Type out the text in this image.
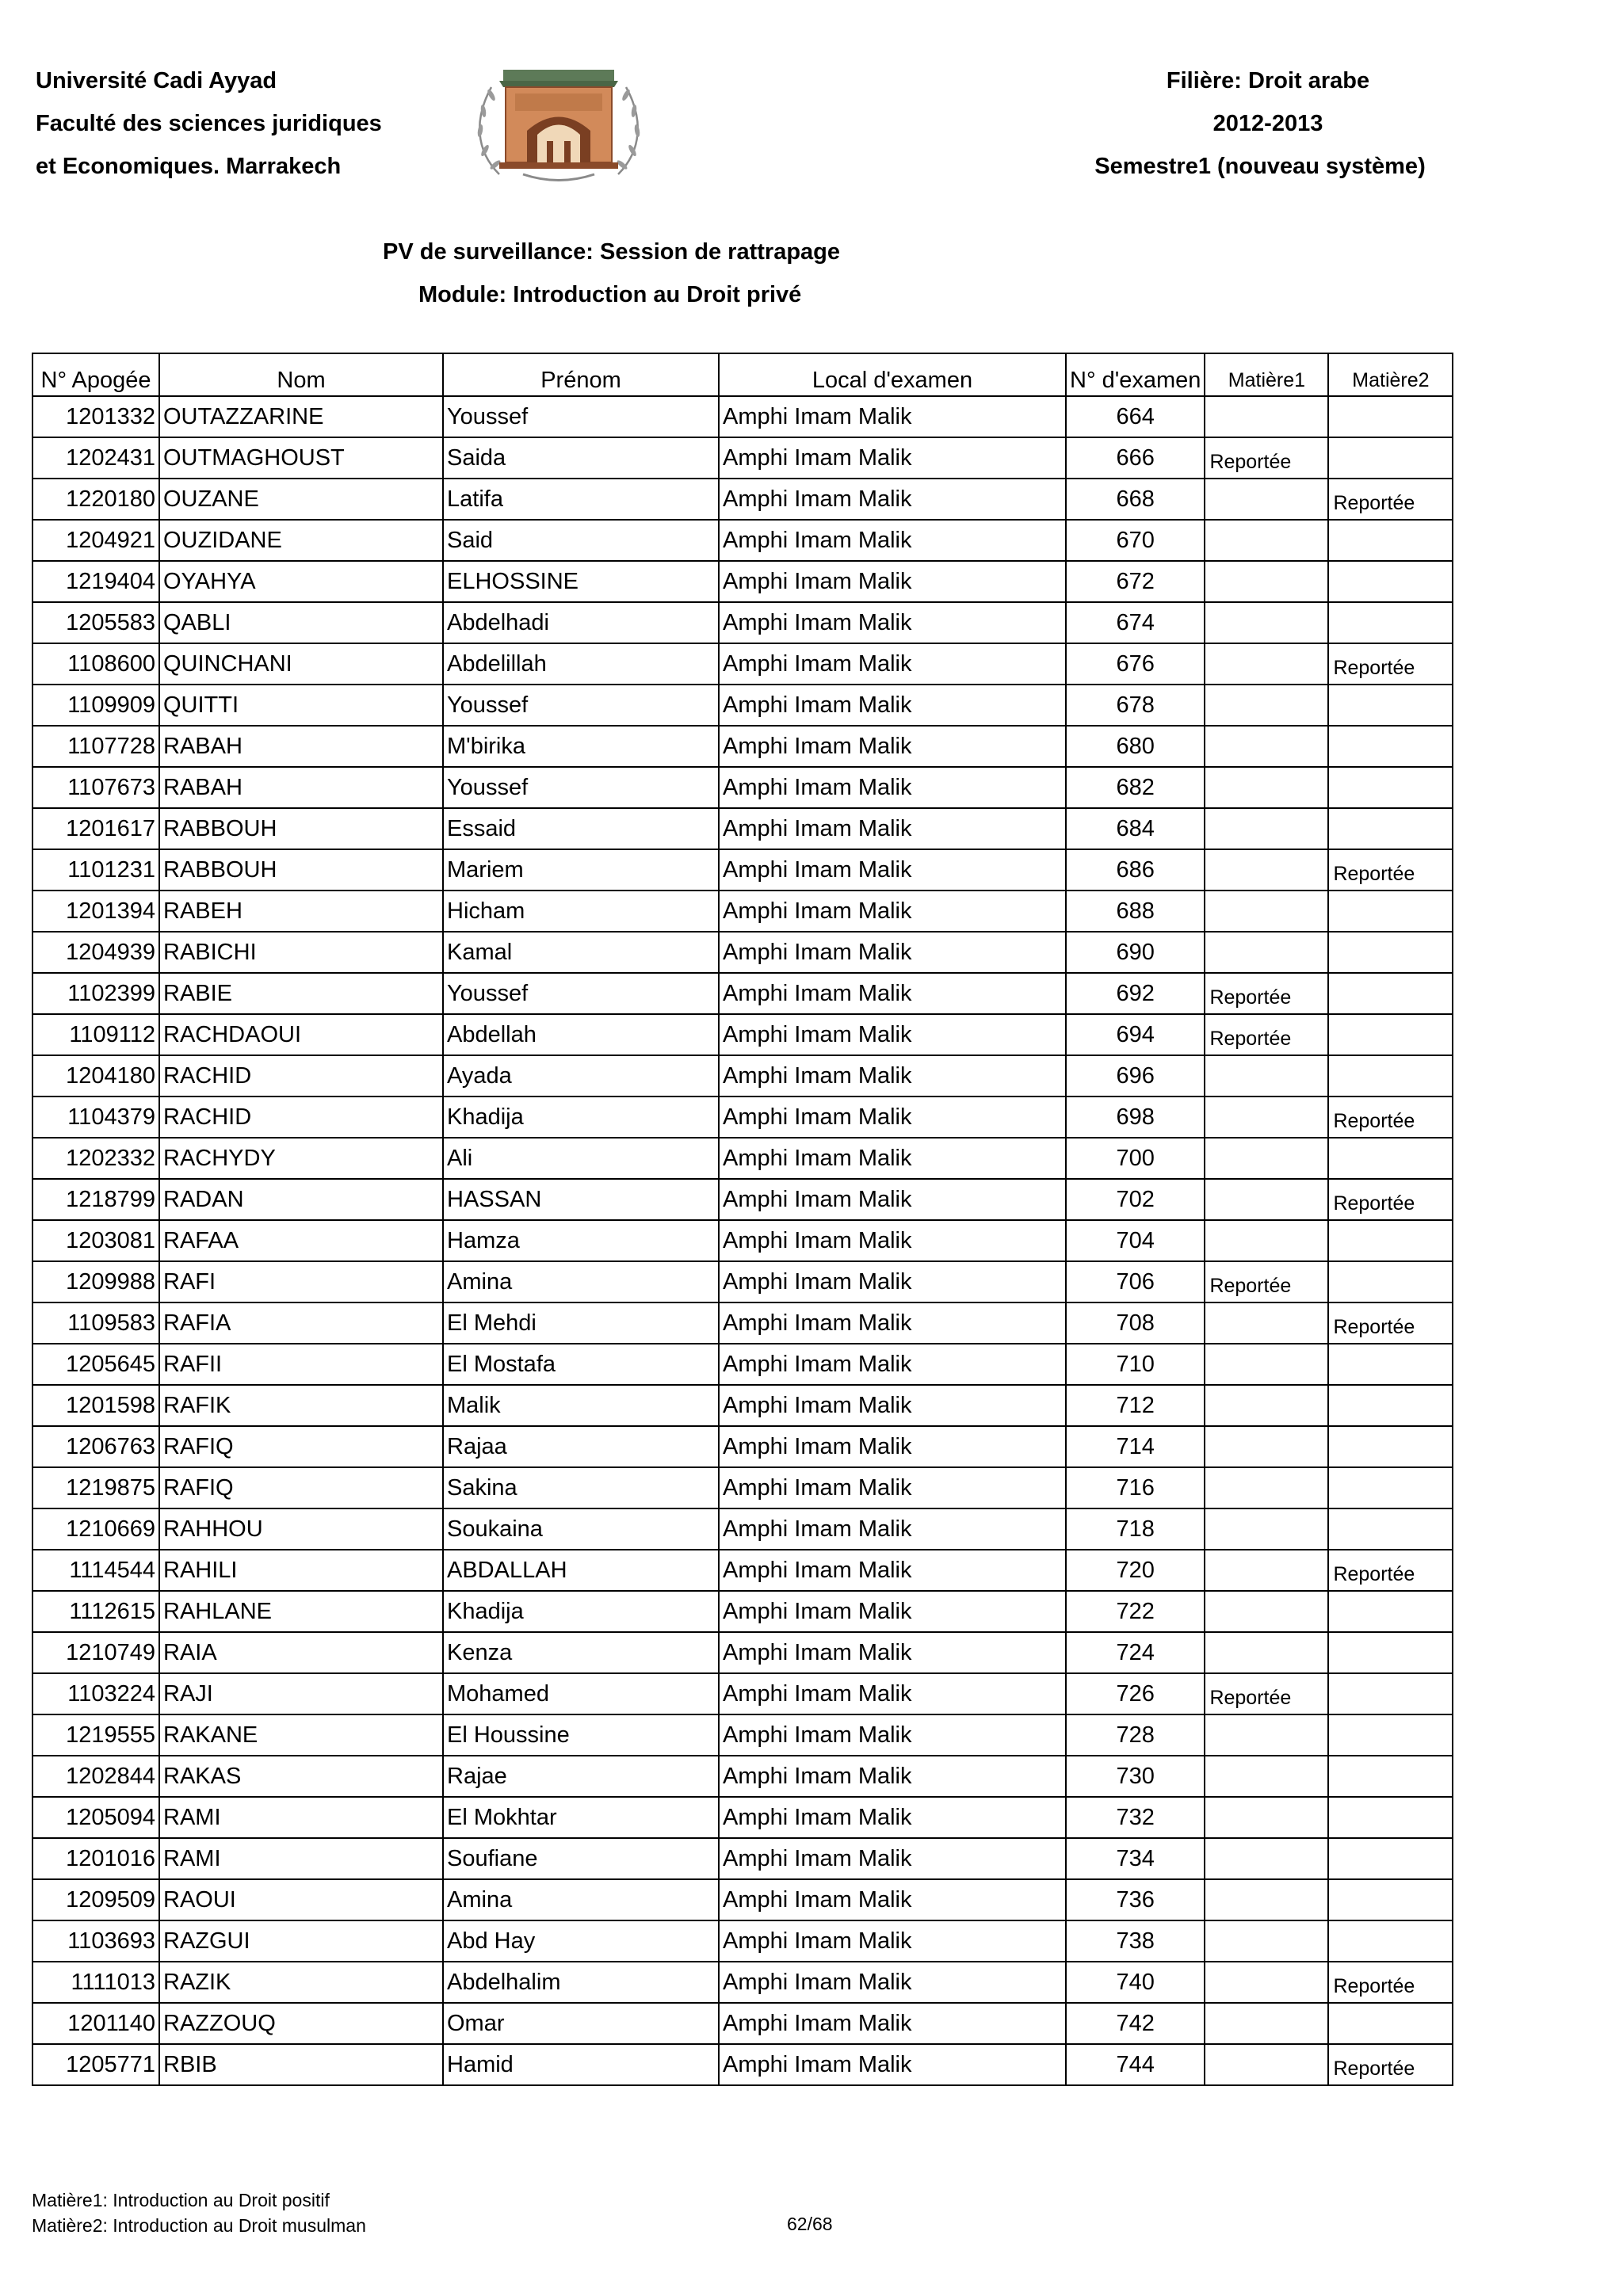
Université Cadi Ayyad
Faculté des sciences juridiques
et Economiques. Marrakech
Filière: Droit arabe
2012-2013
Semestre1 (nouveau système)
PV de surveillance: Session de rattrapage
Module: Introduction au Droit privé
N° Apogée	Nom	Prénom	Local d'examen	N° d'examen	Matière1	Matière2
1201332	OUTAZZARINE	Youssef	Amphi Imam Malik	664		
1202431	OUTMAGHOUST	Saida	Amphi Imam Malik	666	Reportée	
1220180	OUZANE	Latifa	Amphi Imam Malik	668		Reportée
1204921	OUZIDANE	Said	Amphi Imam Malik	670		
1219404	OYAHYA	ELHOSSINE	Amphi Imam Malik	672		
1205583	QABLI	Abdelhadi	Amphi Imam Malik	674		
1108600	QUINCHANI	Abdelillah	Amphi Imam Malik	676		Reportée
1109909	QUITTI	Youssef	Amphi Imam Malik	678		
1107728	RABAH	M'birika	Amphi Imam Malik	680		
1107673	RABAH	Youssef	Amphi Imam Malik	682		
1201617	RABBOUH	Essaid	Amphi Imam Malik	684		
1101231	RABBOUH	Mariem	Amphi Imam Malik	686		Reportée
1201394	RABEH	Hicham	Amphi Imam Malik	688		
1204939	RABICHI	Kamal	Amphi Imam Malik	690		
1102399	RABIE	Youssef	Amphi Imam Malik	692	Reportée	
1109112	RACHDAOUI	Abdellah	Amphi Imam Malik	694	Reportée	
1204180	RACHID	Ayada	Amphi Imam Malik	696		
1104379	RACHID	Khadija	Amphi Imam Malik	698		Reportée
1202332	RACHYDY	Ali	Amphi Imam Malik	700		
1218799	RADAN	HASSAN	Amphi Imam Malik	702		Reportée
1203081	RAFAA	Hamza	Amphi Imam Malik	704		
1209988	RAFI	Amina	Amphi Imam Malik	706	Reportée	
1109583	RAFIA	El Mehdi	Amphi Imam Malik	708		Reportée
1205645	RAFII	El Mostafa	Amphi Imam Malik	710		
1201598	RAFIK	Malik	Amphi Imam Malik	712		
1206763	RAFIQ	Rajaa	Amphi Imam Malik	714		
1219875	RAFIQ	Sakina	Amphi Imam Malik	716		
1210669	RAHHOU	Soukaina	Amphi Imam Malik	718		
1114544	RAHILI	ABDALLAH	Amphi Imam Malik	720		Reportée
1112615	RAHLANE	Khadija	Amphi Imam Malik	722		
1210749	RAIA	Kenza	Amphi Imam Malik	724		
1103224	RAJI	Mohamed	Amphi Imam Malik	726	Reportée	
1219555	RAKANE	El Houssine	Amphi Imam Malik	728		
1202844	RAKAS	Rajae	Amphi Imam Malik	730		
1205094	RAMI	El Mokhtar	Amphi Imam Malik	732		
1201016	RAMI	Soufiane	Amphi Imam Malik	734		
1209509	RAOUI	Amina	Amphi Imam Malik	736		
1103693	RAZGUI	Abd Hay	Amphi Imam Malik	738		
1111013	RAZIK	Abdelhalim	Amphi Imam Malik	740		Reportée
1201140	RAZZOUQ	Omar	Amphi Imam Malik	742		
1205771	RBIB	Hamid	Amphi Imam Malik	744		Reportée
Matière1: Introduction au Droit positif
Matière2: Introduction au Droit musulman	62/68
